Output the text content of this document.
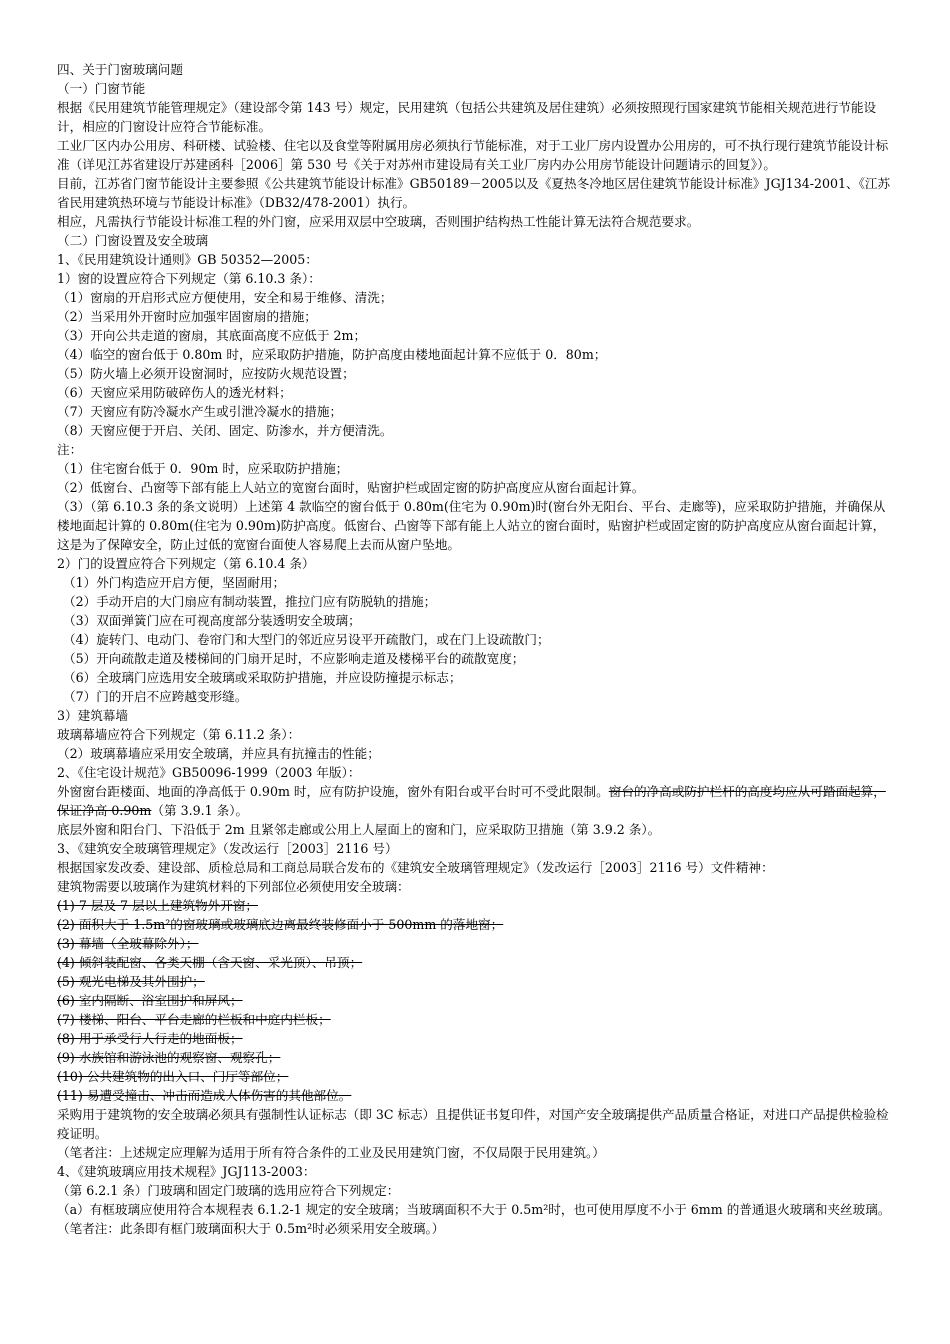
四、关于门窗玻璃问题

（一）门窗节能

根据《民用建筑节能管理规定》（建设部令第 143 号）规定，民用建筑（包括公共建筑及居住建筑）必须按照现行国家建筑节能相关规范进行节能设计，相应的门窗设计应符合节能标准。

工业厂区内办公用房、科研楼、试验楼、住宅以及食堂等附属用房必须执行节能标准，对于工业厂房内设置办公用房的，可不执行现行建筑节能设计标准（详见江苏省建设厅苏建函科［2006］第 530 号《关于对苏州市建设局有关工业厂房内办公用房节能设计问题请示的回复》）。

目前，江苏省门窗节能设计主要参照《公共建筑节能设计标准》GB50189－2005以及《夏热冬冷地区居住建筑节能设计标准》JGJ134-2001、《江苏省民用建筑热环境与节能设计标准》（DB32/478-2001）执行。

相应，凡需执行节能设计标准工程的外门窗，应采用双层中空玻璃，否则围护结构热工性能计算无法符合规范要求。

（二）门窗设置及安全玻璃

1、《民用建筑设计通则》GB 50352—2005：

1）窗的设置应符合下列规定（第 6.10.3 条）：

（1）窗扇的开启形式应方便使用，安全和易于维修、清洗；

（2）当采用外开窗时应加强牢固窗扇的措施；

（3）开向公共走道的窗扇，其底面高度不应低于 2m；

（4）临空的窗台低于 0.80m 时，应采取防护措施，防护高度由楼地面起计算不应低于 0．80m；

（5）防火墙上必须开设窗洞时，应按防火规范设置；

（6）天窗应采用防破碎伤人的透光材料；

（7）天窗应有防冷凝水产生或引泄冷凝水的措施；

（8）天窗应便于开启、关闭、固定、防渗水，并方便清洗。

注：

（1）住宅窗台低于 0．90m 时，应采取防护措施；

（2）低窗台、凸窗等下部有能上人站立的宽窗台面时，贴窗护栏或固定窗的防护高度应从窗台面起计算。

（3）（第 6.10.3 条的条文说明）上述第 4 款临空的窗台低于 0.80m(住宅为 0.90m)时(窗台外无阳台、平台、走廊等)，应采取防护措施，并确保从楼地面起计算的 0.80m(住宅为 0.90m)防护高度。低窗台、凸窗等下部有能上人站立的窗台面时，贴窗护栏或固定窗的防护高度应从窗台面起计算，这是为了保障安全，防止过低的宽窗台面使人容易爬上去而从窗户坠地。

2）门的设置应符合下列规定（第 6.10.4 条）

（1）外门构造应开启方便，坚固耐用；

（2）手动开启的大门扇应有制动装置，推拉门应有防脱轨的措施；

（3）双面弹簧门应在可视高度部分装透明安全玻璃；

（4）旋转门、电动门、卷帘门和大型门的邻近应另设平开疏散门，或在门上设疏散门；

（5）开向疏散走道及楼梯间的门扇开足时，不应影响走道及楼梯平台的疏散宽度；

（6）全玻璃门应选用安全玻璃或采取防护措施，并应设防撞提示标志；

（7）门的开启不应跨越变形缝。

3）建筑幕墙

玻璃幕墙应符合下列规定（第 6.11.2 条）：

（2）玻璃幕墙应采用安全玻璃，并应具有抗撞击的性能；

2、《住宅设计规范》GB50096-1999（2003 年版）：

外窗窗台距楼面、地面的净高低于 0.90m 时，应有防护设施，窗外有阳台或平台时可不受此限制。窗台的净高或防护栏杆的高度均应从可踏面起算，保证净高 0.90m（第 3.9.1 条）。

底层外窗和阳台门、下沿低于 2m 且紧邻走廊或公用上人屋面上的窗和门，应采取防卫措施（第 3.9.2 条）。

3、《建筑安全玻璃管理规定》（发改运行［2003］2116 号）

根据国家发改委、建设部、质检总局和工商总局联合发布的《建筑安全玻璃管理规定》（发改运行［2003］2116 号）文件精神：

建筑物需要以玻璃作为建筑材料的下列部位必须使用安全玻璃：

(1) 7 层及 7 层以上建筑物外开窗；

(2) 面积大于 1.5m²的窗玻璃或玻璃底边离最终装修面小于 500mm 的落地窗；

(3) 幕墙（全玻幕除外）；

(4) 倾斜装配窗、各类天棚（含天窗、采光顶）、吊顶；

(5) 观光电梯及其外围护；

(6) 室内隔断、浴室围护和屏风；

(7) 楼梯、阳台、平台走廊的栏板和中庭内栏板；

(8) 用于承受行人行走的地面板；

(9) 水族馆和游泳池的观察窗、观察孔；

(10) 公共建筑物的出入口、门厅等部位；

(11) 易遭受撞击、冲击而造成人体伤害的其他部位。

采购用于建筑物的安全玻璃必须具有强制性认证标志（即 3C 标志）且提供证书复印件，对国产安全玻璃提供产品质量合格证，对进口产品提供检验检疫证明。

（笔者注：上述规定应理解为适用于所有符合条件的工业及民用建筑门窗，不仅局限于民用建筑。）

4、《建筑玻璃应用技术规程》JGJ113-2003：

（第 6.2.1 条）门玻璃和固定门玻璃的选用应符合下列规定：

（a）有框玻璃应使用符合本规程表 6.1.2-1 规定的安全玻璃；当玻璃面积不大于 0.5m²时，也可使用厚度不小于 6mm 的普通退火玻璃和夹丝玻璃。

（笔者注：此条即有框门玻璃面积大于 0.5m²时必须采用安全玻璃。）
